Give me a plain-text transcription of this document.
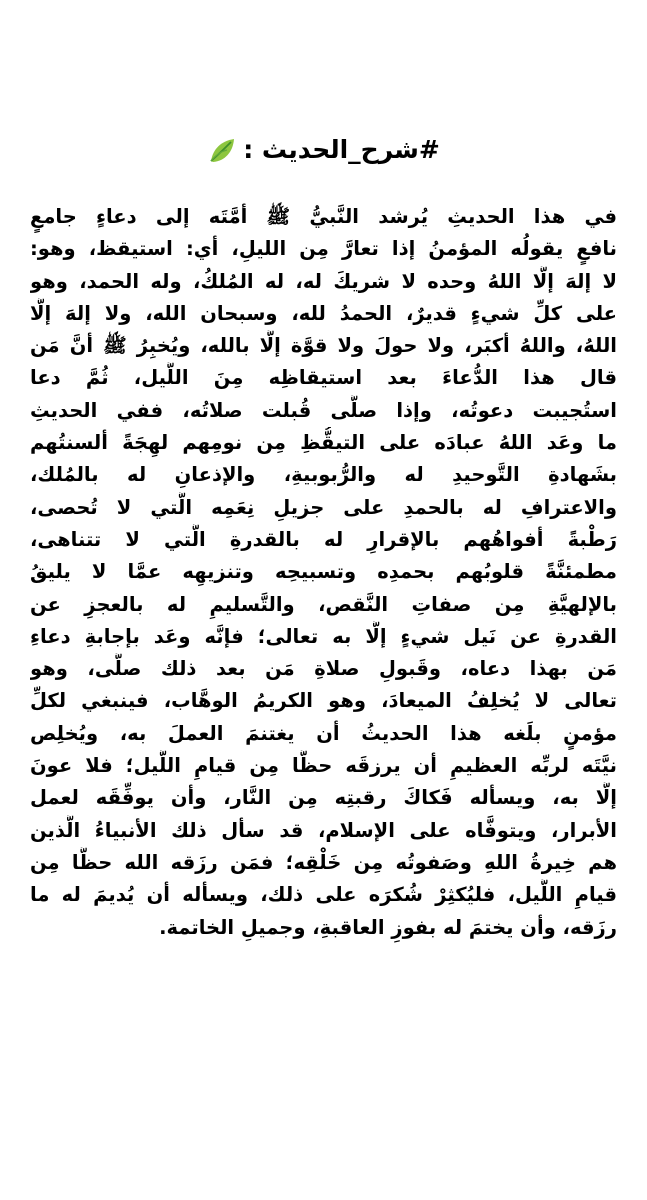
#شرح_الحديث :
في هذا الحديثِ يُرشد النَّبيُّ ﷺ أمَّتَه إلى دعاءٍ جامعٍ
نافعٍ يقولُه المؤمنُ إذا تعارَّ مِن الليلِ، أي: استيقظ، وهو:
لا إلهَ إلَّا اللهُ وحده لا شريكَ له، له المُلكُ، وله الحمد، وهو
على كلِّ شيءٍ قديرٌ، الحمدُ لله، وسبحان الله، ولا إلهَ إلَّا
اللهُ، واللهُ أكبَر، ولا حولَ ولا قوَّة إلَّا بالله، ويُخبِرُ ﷺ أنَّ مَن
قال هذا الدُّعاءَ بعد استيقاظِه مِنَ اللَّيل، ثُمَّ دعا
استُجيبت دعوتُه، وإذا صلَّى قُبلت صلاتُه، ففي الحديثِ
ما وعَد اللهُ عبادَه على التيقُّظِ مِن نومِهم لهِجَةً ألسنتُهم
بشَهادةِ التَّوحيدِ له والرُّبوبيةِ، والإذعانِ له بالمُلك،
والاعترافِ له بالحمدِ على جزيلِ نِعَمِه الَّتي لا تُحصى،
رَطْبةً أفواهُهم بالإقرارِ له بالقدرةِ الَّتي لا تتناهى،
مطمئنَّةً قلوبُهم بحمدِه وتسبيحِه وتنزيهِه عمَّا لا يليقُ
بالإلهيَّةِ مِن صفاتِ النَّقص، والتَّسليمِ له بالعجزِ عن
القدرةِ عن نَيل شيءٍ إلَّا به تعالى؛ فإنَّه وعَد بإجابةِ دعاءِ
مَن بهذا دعاه، وقَبولِ صلاةِ مَن بعد ذلك صلَّى، وهو
تعالى لا يُخلِفُ الميعادَ، وهو الكريمُ الوهَّاب، فينبغي لكلِّ
مؤمنٍ بلَغه هذا الحديثُ أن يغتنمَ العملَ به، ويُخلِص
نيَّتَه لربِّه العظيمِ أن يرزقَه حظًّا مِن قيامِ اللَّيل؛ فلا عونَ
إلَّا به، ويسأله فَكاكَ رقبتِه مِن النَّار، وأن يوفِّقَه لعمل
الأبرار، ويتوفَّاه على الإسلام، قد سأل ذلك الأنبياءُ الَّذين
هم خِيرةُ اللهِ وصَفوتُه مِن خَلْقِه؛ فمَن رزَقه الله حظًّا مِن
قيامِ اللَّيل، فليُكثِرْ شُكرَه على ذلك، ويسأله أن يُديمَ له ما
رزَقه، وأن يختمَ له بفوزِ العاقبةِ، وجميلِ الخاتمة.
